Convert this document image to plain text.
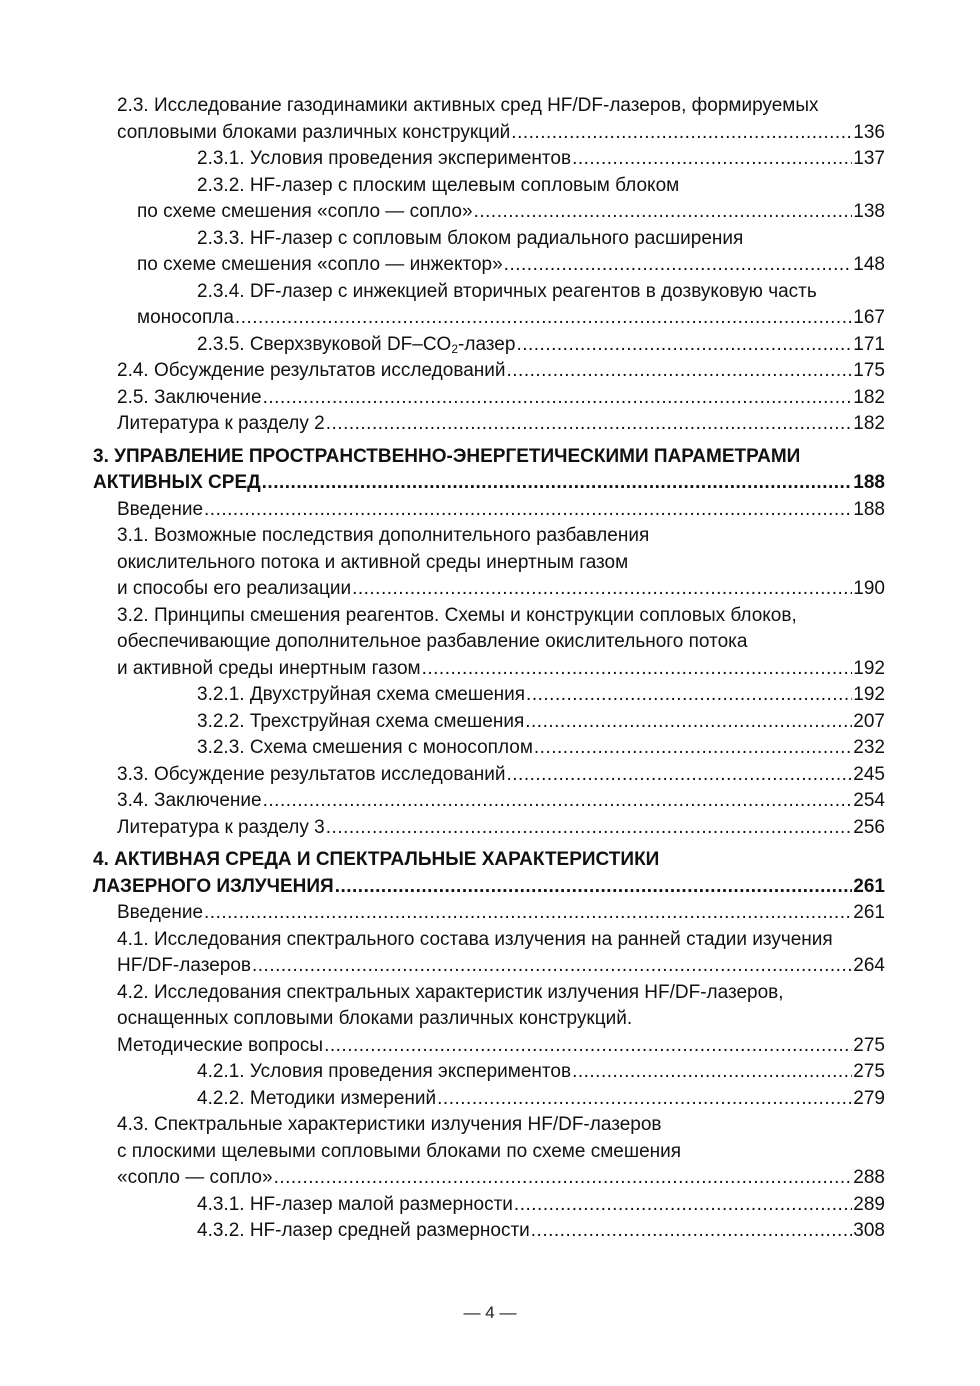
2.3. Исследование газодинамики активных сред HF/DF-лазеров, формируемых
сопловыми блоками различных конструкций .....	136
2.3.1. Условия проведения экспериментов .....	137
2.3.2. HF-лазер с плоским щелевым сопловым блоком
по схеме смешения «сопло — сопло» .....	138
2.3.3. HF-лазер с сопловым блоком радиального расширения
по схеме смешения «сопло — инжектор» .....	148
2.3.4. DF-лазер с инжекцией вторичных реагентов в дозвуковую часть
моносопла .....	167
2.3.5. Сверхзвуковой $DF-CO_2$-лазер .....	171
2.4. Обсуждение результатов исследований .....	175
2.5. Заключение .....	182
Литература к разделу 2 .....	182
3. УПРАВЛЕНИЕ ПРОСТРАНСТВЕННО-ЭНЕРГЕТИЧЕСКИМИ ПАРАМЕТРАМИ
АКТИВНЫХ СРЕД .....	188
Введение .....	188
3.1. Возможные последствия дополнительного разбавления
окислительного потока и активной среды инертным газом
и способы его реализации .....	190
3.2. Принципы смешения реагентов. Схемы и конструкции сопловых блоков,
обеспечивающие дополнительное разбавление окислительного потока
и активной среды инертным газом .....	192
3.2.1. Двухструйная схема смешения .....	192
3.2.2. Трехструйная схема смешения .....	207
3.2.3. Схема смешения с моносоплом .....	232
3.3. Обсуждение результатов исследований .....	245
3.4. Заключение .....	254
Литература к разделу 3 .....	256
4. АКТИВНАЯ СРЕДА И СПЕКТРАЛЬНЫЕ ХАРАКТЕРИСТИКИ
ЛАЗЕРНОГО ИЗЛУЧЕНИЯ .....	261
Введение .....	261
4.1. Исследования спектрального состава излучения на ранней стадии изучения
HF/DF-лазеров .....	264
4.2. Исследования спектральных характеристик излучения HF/DF-лазеров,
оснащенных сопловыми блоками различных конструкций.
Методические вопросы .....	275
4.2.1. Условия проведения экспериментов .....	275
4.2.2. Методики измерений .....	279
4.3. Спектральные характеристики излучения HF/DF-лазеров
с плоскими щелевыми сопловыми блоками по схеме смешения
«сопло — сопло» .....	288
4.3.1. HF-лазер малой размерности .....	289
4.3.2. HF-лазер средней размерности .....	308
— 4 —
